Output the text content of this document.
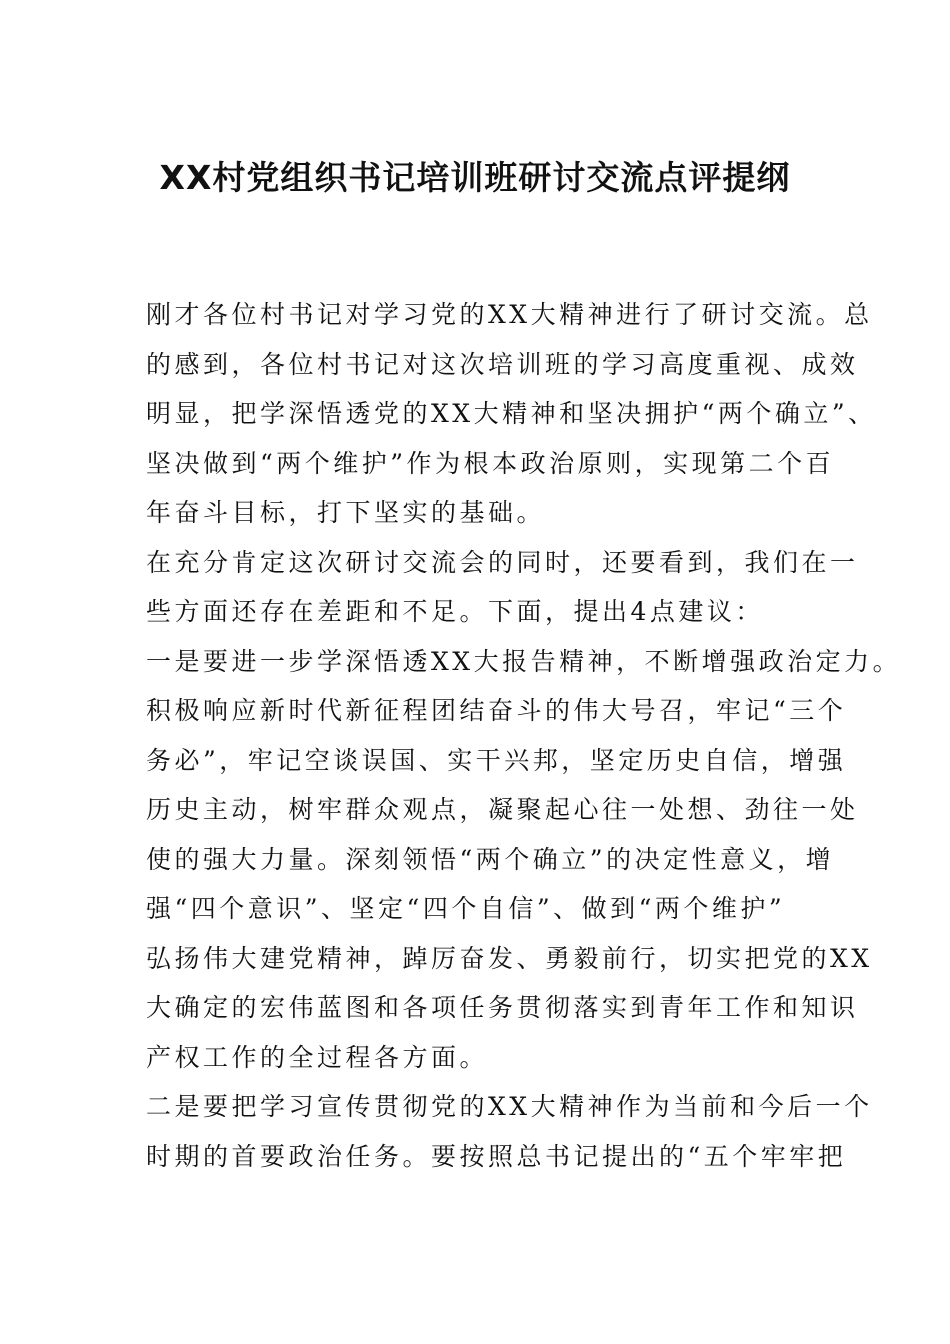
XX村党组织书记培训班研讨交流点评提纲

刚才各位村书记对学习党的XX大精神进行了研讨交流。总

的感到，各位村书记对这次培训班的学习高度重视、成效

明显，把学深悟透党的XX大精神和坚决拥护“两个确立”、

坚决做到“两个维护”作为根本政治原则，实现第二个百

年奋斗目标，打下坚实的基础。

在充分肯定这次研讨交流会的同时，还要看到，我们在一

些方面还存在差距和不足。下面，提出4点建议：

一是要进一步学深悟透XX大报告精神，不断增强政治定力。

积极响应新时代新征程团结奋斗的伟大号召，牢记“三个

务必”，牢记空谈误国、实干兴邦，坚定历史自信，增强

历史主动，树牢群众观点，凝聚起心往一处想、劲往一处

使的强大力量。深刻领悟“两个确立”的决定性意义，增

强“四个意识”、坚定“四个自信”、做到“两个维护”

弘扬伟大建党精神，踔厉奋发、勇毅前行，切实把党的XX

大确定的宏伟蓝图和各项任务贯彻落实到青年工作和知识

产权工作的全过程各方面。

二是要把学习宣传贯彻党的XX大精神作为当前和今后一个

时期的首要政治任务。要按照总书记提出的“五个牢牢把
